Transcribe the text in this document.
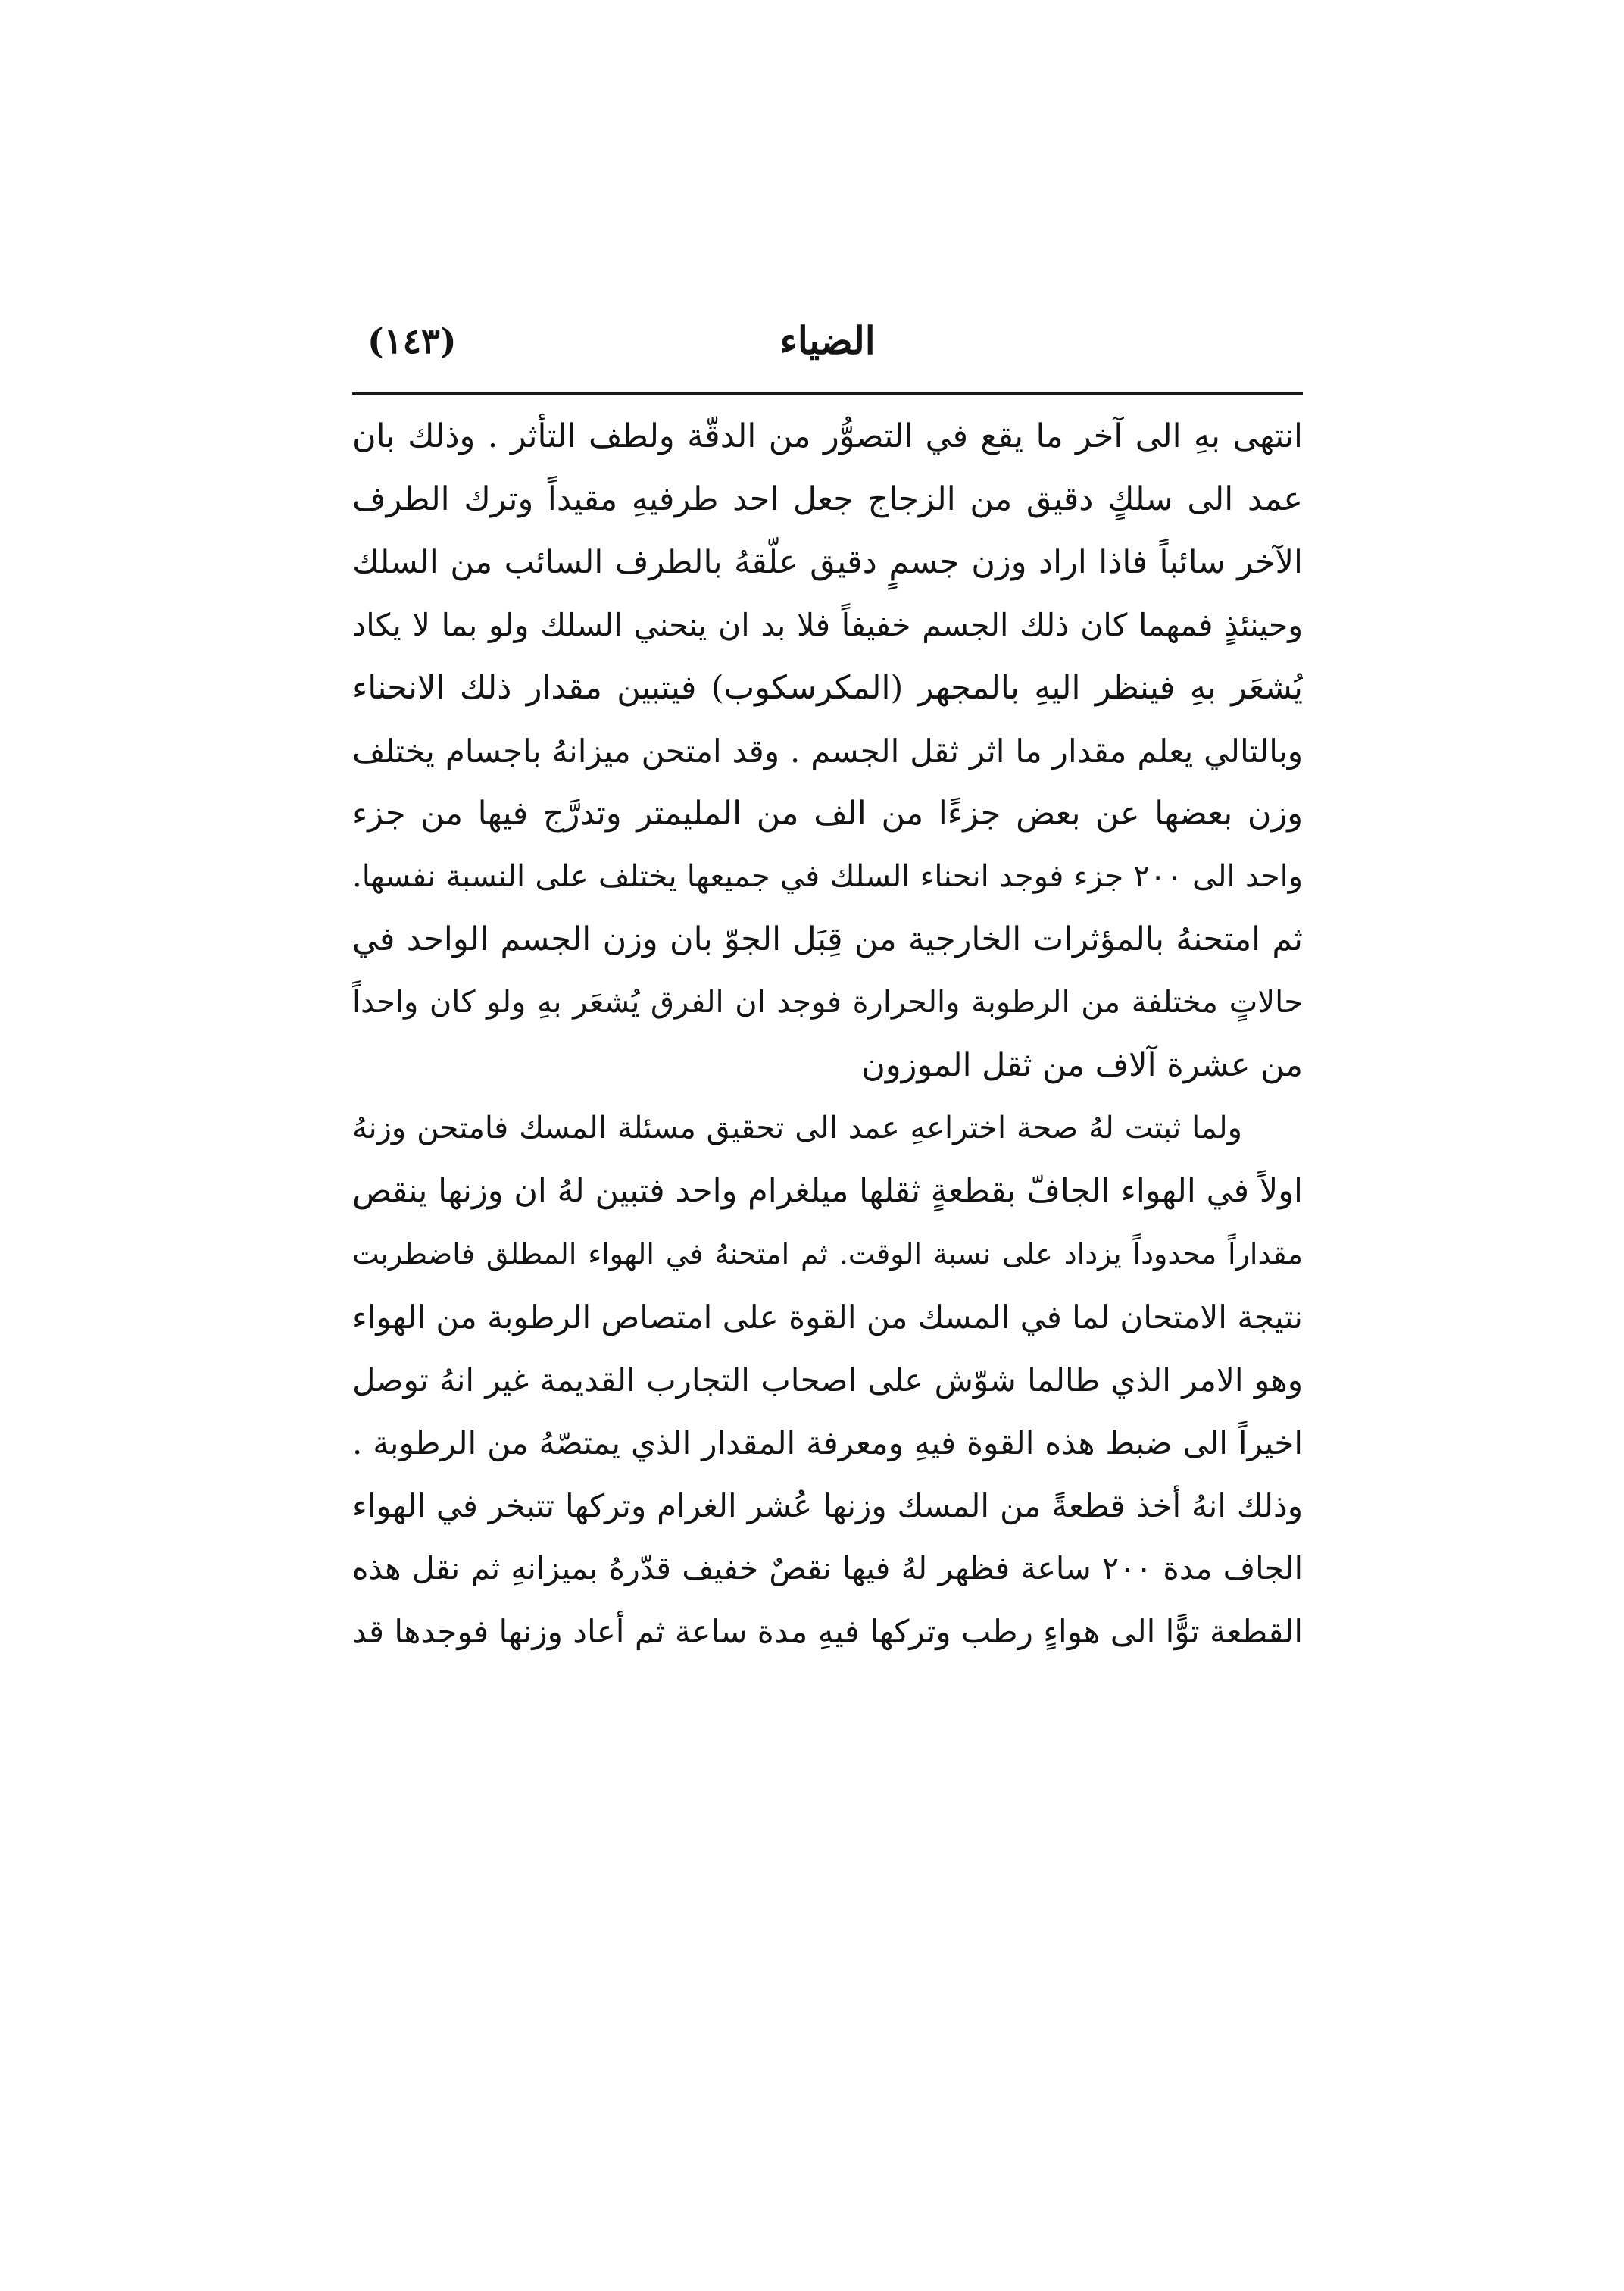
الضياء
(١٤٣)
انتهى بهِ الى آخر ما يقع في التصوُّر من الدقّة ولطف التأثر . وذلك بان
عمد الى سلكٍ دقيق من الزجاج جعل احد طرفيهِ مقيداً وترك الطرف
الآخر سائباً فاذا اراد وزن جسمٍ دقيق علّقهُ بالطرف السائب من السلك
وحينئذٍ فمهما كان ذلك الجسم خفيفاً فلا بد ان ينحني السلك ولو بما لا يكاد
يُشعَر بهِ فينظر اليهِ بالمجهر (المكرسكوب) فيتبين مقدار ذلك الانحناء
وبالتالي يعلم مقدار ما اثر ثقل الجسم . وقد امتحن ميزانهُ باجسام يختلف
وزن بعضها عن بعض جزءًا من الف من المليمتر وتدرَّج فيها من جزء
واحد الى ٢٠٠ جزء فوجد انحناء السلك في جميعها يختلف على النسبة نفسها.
ثم امتحنهُ بالمؤثرات الخارجية من قِبَل الجوّ بان وزن الجسم الواحد في
حالاتٍ مختلفة من الرطوبة والحرارة فوجد ان الفرق يُشعَر بهِ ولو كان واحداً
من عشرة آلاف من ثقل الموزون
ولما ثبتت لهُ صحة اختراعهِ عمد الى تحقيق مسئلة المسك فامتحن وزنهُ
اولاً في الهواء الجافّ بقطعةٍ ثقلها ميلغرام واحد فتبين لهُ ان وزنها ينقص
مقداراً محدوداً يزداد على نسبة الوقت. ثم امتحنهُ في الهواء المطلق فاضطربت
نتيجة الامتحان لما في المسك من القوة على امتصاص الرطوبة من الهواء
وهو الامر الذي طالما شوّش على اصحاب التجارب القديمة غير انهُ توصل
اخيراً الى ضبط هذه القوة فيهِ ومعرفة المقدار الذي يمتصّهُ من الرطوبة .
وذلك انهُ أخذ قطعةً من المسك وزنها عُشر الغرام وتركها تتبخر في الهواء
الجاف مدة ٢٠٠ ساعة فظهر لهُ فيها نقصٌ خفيف قدّرهُ بميزانهِ ثم نقل هذه
القطعة توًّا الى هواءٍ رطب وتركها فيهِ مدة ساعة ثم أعاد وزنها فوجدها قد
